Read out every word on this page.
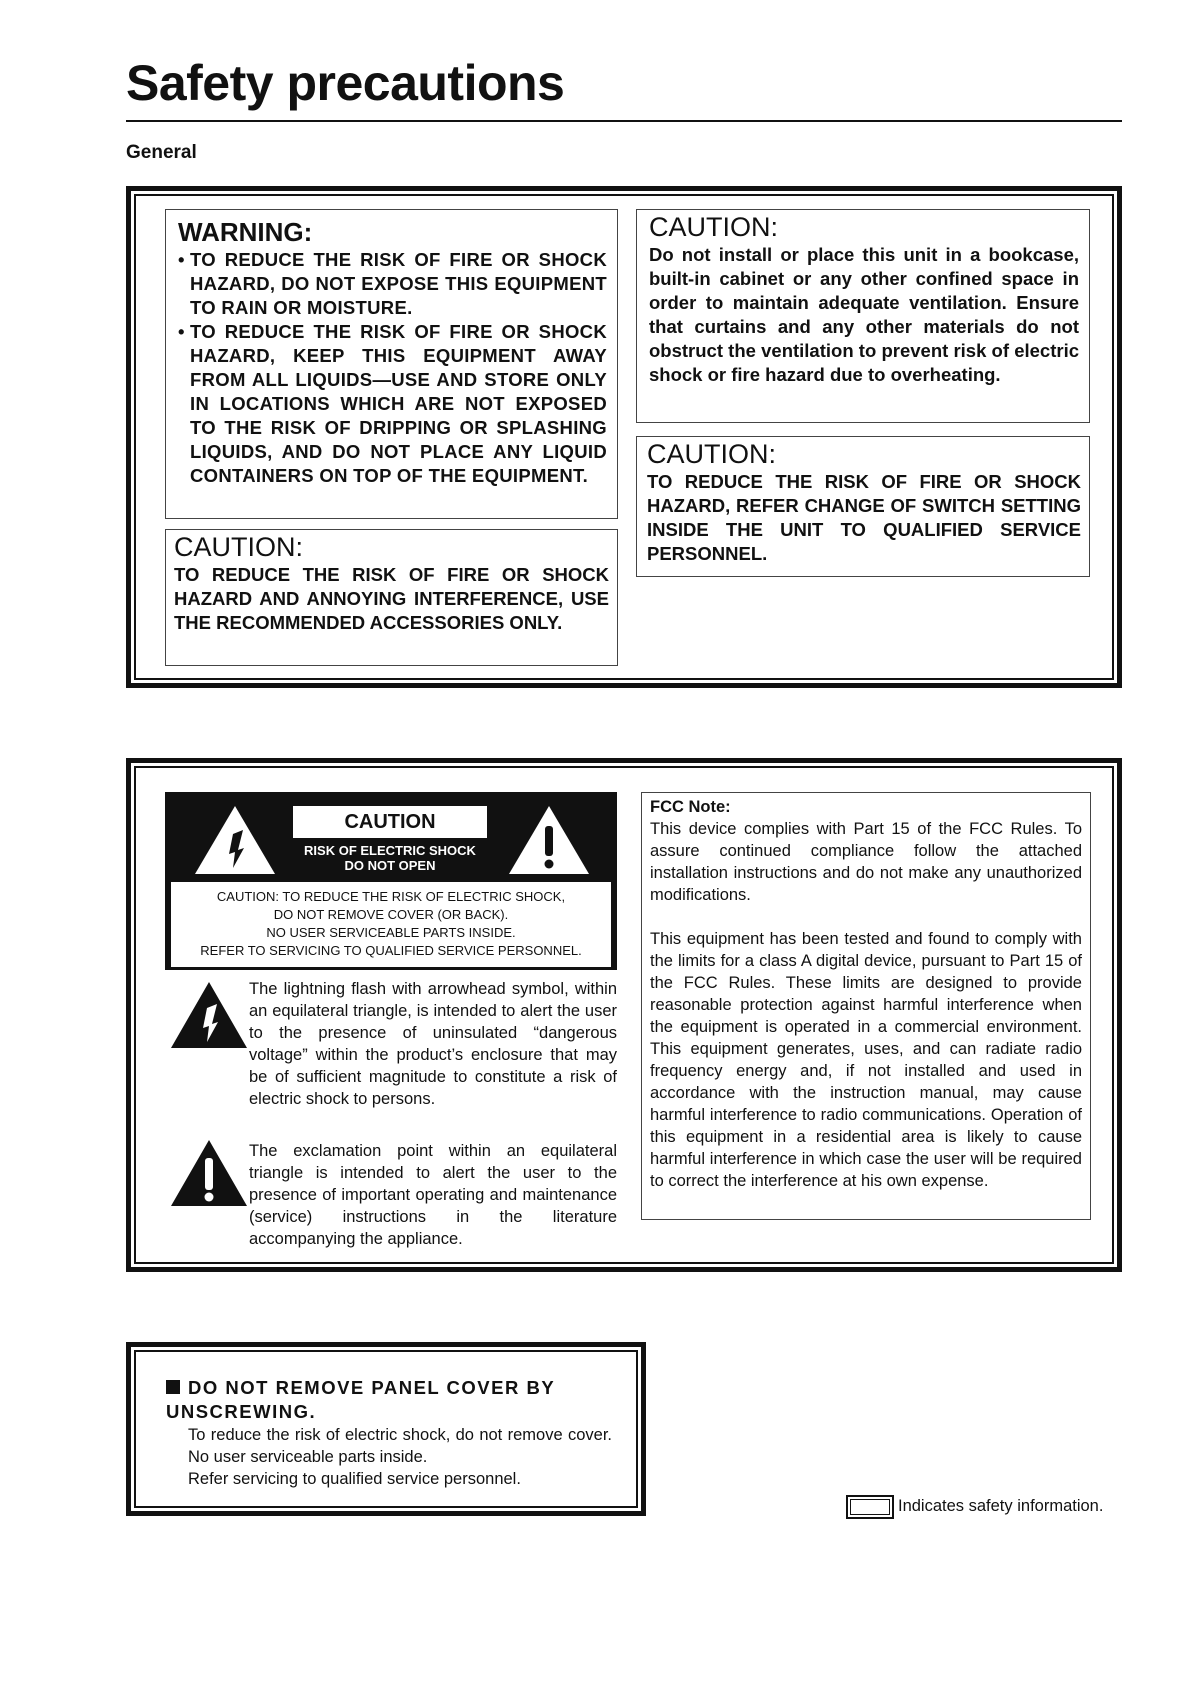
Safety precautions
General
WARNING:
• TO REDUCE THE RISK OF FIRE OR SHOCK HAZARD, DO NOT EXPOSE THIS EQUIPMENT TO RAIN OR MOISTURE.
• TO REDUCE THE RISK OF FIRE OR SHOCK HAZARD, KEEP THIS EQUIPMENT AWAY FROM ALL LIQUIDS—USE AND STORE ONLY IN LOCATIONS WHICH ARE NOT EXPOSED TO THE RISK OF DRIPPING OR SPLASHING LIQUIDS, AND DO NOT PLACE ANY LIQUID CONTAINERS ON TOP OF THE EQUIPMENT.
CAUTION:
TO REDUCE THE RISK OF FIRE OR SHOCK HAZARD AND ANNOYING INTERFERENCE, USE THE RECOMMENDED ACCESSORIES ONLY.
CAUTION:
Do not install or place this unit in a bookcase, built-in cabinet or any other confined space in order to maintain adequate ventilation. Ensure that curtains and any other materials do not obstruct the ventilation to prevent risk of electric shock or fire hazard due to overheating.
CAUTION:
TO REDUCE THE RISK OF FIRE OR SHOCK HAZARD, REFER CHANGE OF SWITCH SETTING INSIDE THE UNIT TO QUALIFIED SERVICE PERSONNEL.
CAUTION
RISK OF ELECTRIC SHOCK
DO NOT OPEN
CAUTION: TO REDUCE THE RISK OF ELECTRIC SHOCK,
DO NOT REMOVE COVER (OR BACK).
NO USER SERVICEABLE PARTS INSIDE.
REFER TO SERVICING TO QUALIFIED SERVICE PERSONNEL.
The lightning flash with arrowhead symbol, within an equilateral triangle, is intended to alert the user to the presence of uninsulated “dangerous voltage” within the product’s enclosure that may be of sufficient magnitude to constitute a risk of electric shock to persons.
The exclamation point within an equilateral triangle is intended to alert the user to the presence of important operating and maintenance (service) instructions in the literature accompanying the appliance.
FCC Note:
This device complies with Part 15 of the FCC Rules. To assure continued compliance follow the attached installation instructions and do not make any unauthorized modifications.
This equipment has been tested and found to comply with the limits for a class A digital device, pursuant to Part 15 of the FCC Rules. These limits are designed to provide reasonable protection against harmful interference when the equipment is operated in a commercial environment. This equipment generates, uses, and can radiate radio frequency energy and, if not installed and used in accordance with the instruction manual, may cause harmful interference to radio communications. Operation of this equipment in a residential area is likely to cause harmful interference in which case the user will be required to correct the interference at his own expense.
DO NOT REMOVE PANEL COVER BY UNSCREWING.
To reduce the risk of electric shock, do not remove cover. No user serviceable parts inside.
Refer servicing to qualified service personnel.
Indicates safety information.
